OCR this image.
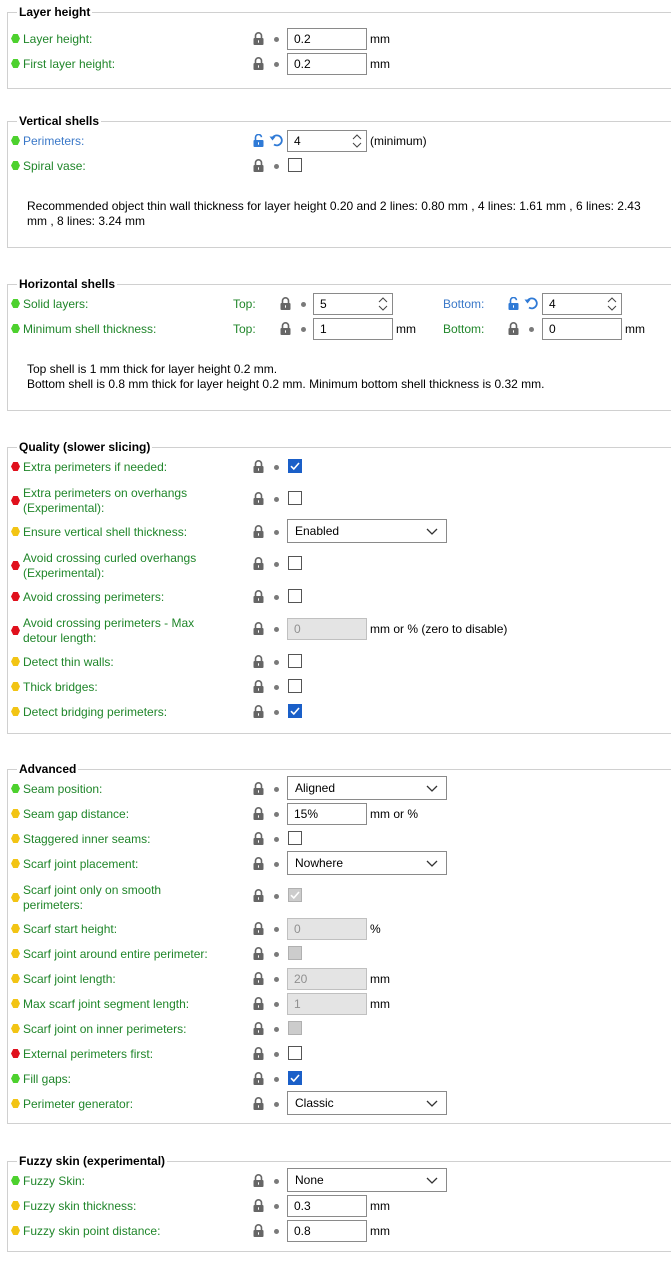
Layer height
Vertical shells
Horizontal shells
Quality (slower slicing)
Advanced
Fuzzy skin (experimental)
Layer height:	0.2	mm
First layer height:	0.2	mm
Perimeters:	4	(minimum)
Spiral vase:
Recommended object thin wall thickness for layer height 0.20 and 2 lines: 0.80 mm , 4 lines: 1.61 mm , 6 lines: 2.43
mm , 8 lines: 3.24 mm
Solid layers:	Top:	5	Bottom:	4
Minimum shell thickness:	Top:	1	mm Bottom:	0	mm
Top shell is 1 mm thick for layer height 0.2 mm.
Bottom shell is 0.8 mm thick for layer height 0.2 mm. Minimum bottom shell thickness is 0.32 mm.
Extra perimeters if needed:
Extra perimeters on overhangs
(Experimental):
Ensure vertical shell thickness:	Enabled
Avoid crossing curled overhangs
(Experimental):
Avoid crossing perimeters:
Avoid crossing perimeters - Max
detour length:
0	mm or % (zero to disable)
Detect thin walls:
Thick bridges:
Detect bridging perimeters:
Seam position:	Aligned
Seam gap distance:	15%	mm or %
Staggered inner seams:
Scarf joint placement:	Nowhere
Scarf joint only on smooth
perimeters:
Scarf start height:	0	%
Scarf joint around entire perimeter:
Scarf joint length:	20	mm
Max scarf joint segment length:	1	mm
Scarf joint on inner perimeters:
External perimeters first:
Fill gaps:
Perimeter generator:	Classic
Fuzzy Skin:	None
Fuzzy skin thickness:	0.3	mm
Fuzzy skin point distance:	0.8	mm
